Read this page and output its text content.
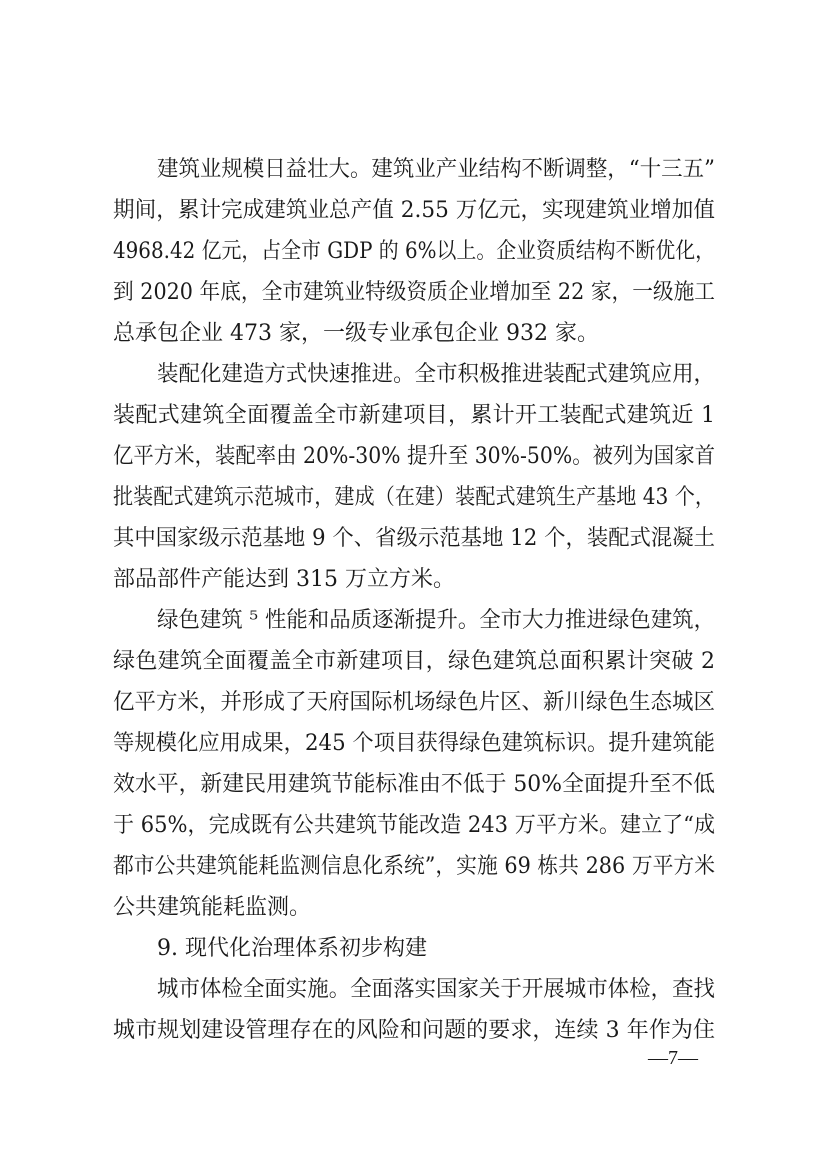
建筑业规模日益壮大。建筑业产业结构不断调整，“十三五”
期间，累计完成建筑业总产值 2.55 万亿元，实现建筑业增加值
4968.42 亿元，占全市 GDP 的 6%以上。企业资质结构不断优化，
到 2020 年底，全市建筑业特级资质企业增加至 22 家，一级施工
总承包企业 473 家，一级专业承包企业 932 家。
装配化建造方式快速推进。全市积极推进装配式建筑应用，
装配式建筑全面覆盖全市新建项目，累计开工装配式建筑近 1
亿平方米，装配率由 20%-30% 提升至 30%-50%。被列为国家首
批装配式建筑示范城市，建成（在建）装配式建筑生产基地 43 个，
其中国家级示范基地 9 个、省级示范基地 12 个，装配式混凝土
部品部件产能达到 315 万立方米。
绿色建筑 ⁵ 性能和品质逐渐提升。全市大力推进绿色建筑，
绿色建筑全面覆盖全市新建项目，绿色建筑总面积累计突破 2
亿平方米，并形成了天府国际机场绿色片区、新川绿色生态城区
等规模化应用成果，245 个项目获得绿色建筑标识。提升建筑能
效水平，新建民用建筑节能标准由不低于 50%全面提升至不低
于 65%，完成既有公共建筑节能改造 243 万平方米。建立了“成
都市公共建筑能耗监测信息化系统”，实施 69 栋共 286 万平方米
公共建筑能耗监测。
9. 现代化治理体系初步构建
城市体检全面实施。全面落实国家关于开展城市体检，查找
城市规划建设管理存在的风险和问题的要求，连续 3 年作为住
—7—
